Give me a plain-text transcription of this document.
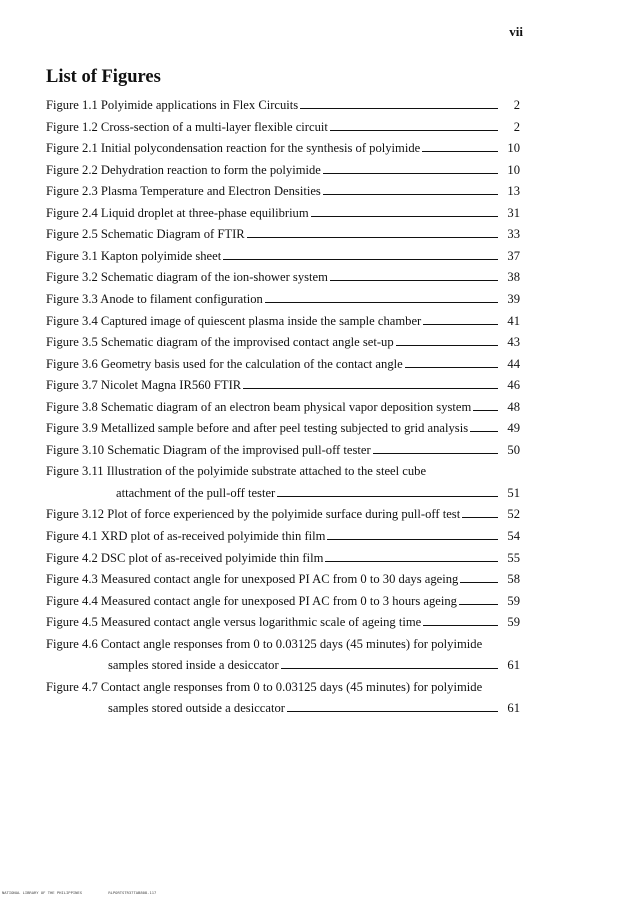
vii
List of Figures
Figure 1.1 Polyimide applications in Flex Circuits	2
Figure 1.2 Cross-section of a multi-layer flexible circuit	2
Figure 2.1 Initial polycondensation reaction for the synthesis of polyimide	10
Figure 2.2 Dehydration reaction to form the polyimide	10
Figure 2.3 Plasma Temperature and Electron Densities	13
Figure 2.4 Liquid droplet at three-phase equilibrium	31
Figure 2.5 Schematic Diagram of FTIR	33
Figure 3.1 Kapton polyimide sheet	37
Figure 3.2 Schematic diagram of the ion-shower system	38
Figure 3.3 Anode to filament configuration	39
Figure 3.4 Captured image of quiescent plasma inside the sample chamber	41
Figure 3.5 Schematic diagram of the improvised contact angle set-up	43
Figure 3.6 Geometry basis used for the calculation of the contact angle	44
Figure 3.7 Nicolet Magna IR560 FTIR	46
Figure 3.8 Schematic diagram of an electron beam physical vapor deposition system	48
Figure 3.9 Metallized sample before and after peel testing subjected to grid analysis	49
Figure 3.10 Schematic Diagram of the improvised pull-off tester	50
Figure 3.11 Illustration of the polyimide substrate attached to the steel cube
attachment of the pull-off tester	51
Figure 3.12 Plot of force experienced by the polyimide surface during pull-off test	52
Figure 4.1 XRD plot of as-received polyimide thin film	54
Figure 4.2 DSC plot of as-received polyimide thin film	55
Figure 4.3 Measured contact angle for unexposed PI AC from 0 to 30 days ageing	58
Figure 4.4 Measured contact angle for unexposed PI AC from 0 to 3 hours ageing	59
Figure 4.5 Measured contact angle versus logarithmic scale of ageing time	59
Figure 4.6 Contact angle responses from 0 to 0.03125 days (45 minutes) for polyimide
samples stored inside a desiccator	61
Figure 4.7 Contact angle responses from 0 to 0.03125 days (45 minutes) for polyimide
samples stored outside a desiccator	61
NATIONAL LIBRARY OF THE PHILIPPINES	RLPORTSTR37TAB808-117
